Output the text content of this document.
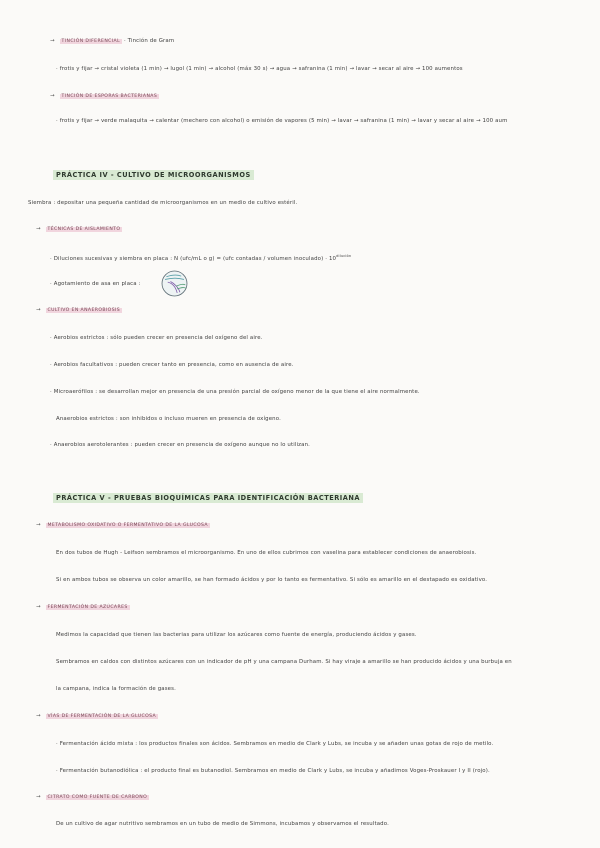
→ TINCIÓN DIFERENCIAL · Tinción de Gram
· frotis y fijar → cristal violeta (1 min) → lugol (1 min) → alcohol (máx 30 s) → agua → safranina (1 min) → lavar → secar al aire → 100 aumentos
→ TINCIÓN DE ESPORAS BACTERIANAS
· frotis y fijar → verde malaquita → calentar (mechero con alcohol) o emisión de vapores (5 min) → lavar → safranina (1 min) → lavar y secar al aire → 100 aum
PRÁCTICA IV - CULTIVO DE MICROORGANISMOS
Siembra : depositar una pequeña cantidad de microorganismos en un medio de cultivo estéril.
→ TÉCNICAS DE AISLAMIENTO
· Diluciones sucesivas y siembra en placa : N (ufc/mL o g) = (ufc contadas / volumen inoculado) · $10^{dilución}$
· Agotamiento de asa en placa :
→ CULTIVO EN ANAEROBIOSIS
· Aerobios estrictos : sólo pueden crecer en presencia del oxígeno del aire.
· Aerobios facultativos : pueden crecer tanto en presencia, como en ausencia de aire.
· Microaerófilos : se desarrollan mejor en presencia de una presión parcial de oxígeno menor de la que tiene el aire normalmente.
Anaerobios estrictos : son inhibidos o incluso mueren en presencia de oxígeno.
· Anaerobios aerotolerantes : pueden crecer en presencia de oxígeno aunque no lo utilizan.
PRÁCTICA V - PRUEBAS BIOQUÍMICAS PARA IDENTIFICACIÓN BACTERIANA
→ METABOLISMO OXIDATIVO O FERMENTATIVO DE LA GLUCOSA
En dos tubos de Hugh - Leifson sembramos el microorganismo. En uno de ellos cubrimos con vaselina para establecer condiciones de anaerobiosis.
Si en ambos tubos se observa un color amarillo, se han formado ácidos y por lo tanto es fermentativo. Si sólo es amarillo en el destapado es oxidativo.
→ FERMENTACIÓN DE AZÚCARES
Medimos la capacidad que tienen las bacterias para utilizar los azúcares como fuente de energía, produciendo ácidos y gases.
Sembramos en caldos con distintos azúcares con un indicador de pH y una campana Durham. Si hay viraje a amarillo se han producido ácidos y una burbuja en
la campana, indica la formación de gases.
→ VÍAS DE FERMENTACIÓN DE LA GLUCOSA
· Fermentación ácido mixta : los productos finales son ácidos. Sembramos en medio de Clark y Lubs, se incuba y se añaden unas gotas de rojo de metilo.
· Fermentación butanodiólica : el producto final es butanodiol. Sembramos en medio de Clark y Lubs, se incuba y añadimos Voges-Proskauer I y II (rojo).
→ CITRATO COMO FUENTE DE CARBONO
De un cultivo de agar nutritivo sembramos en un tubo de medio de Simmons, incubamos y observamos el resultado.
